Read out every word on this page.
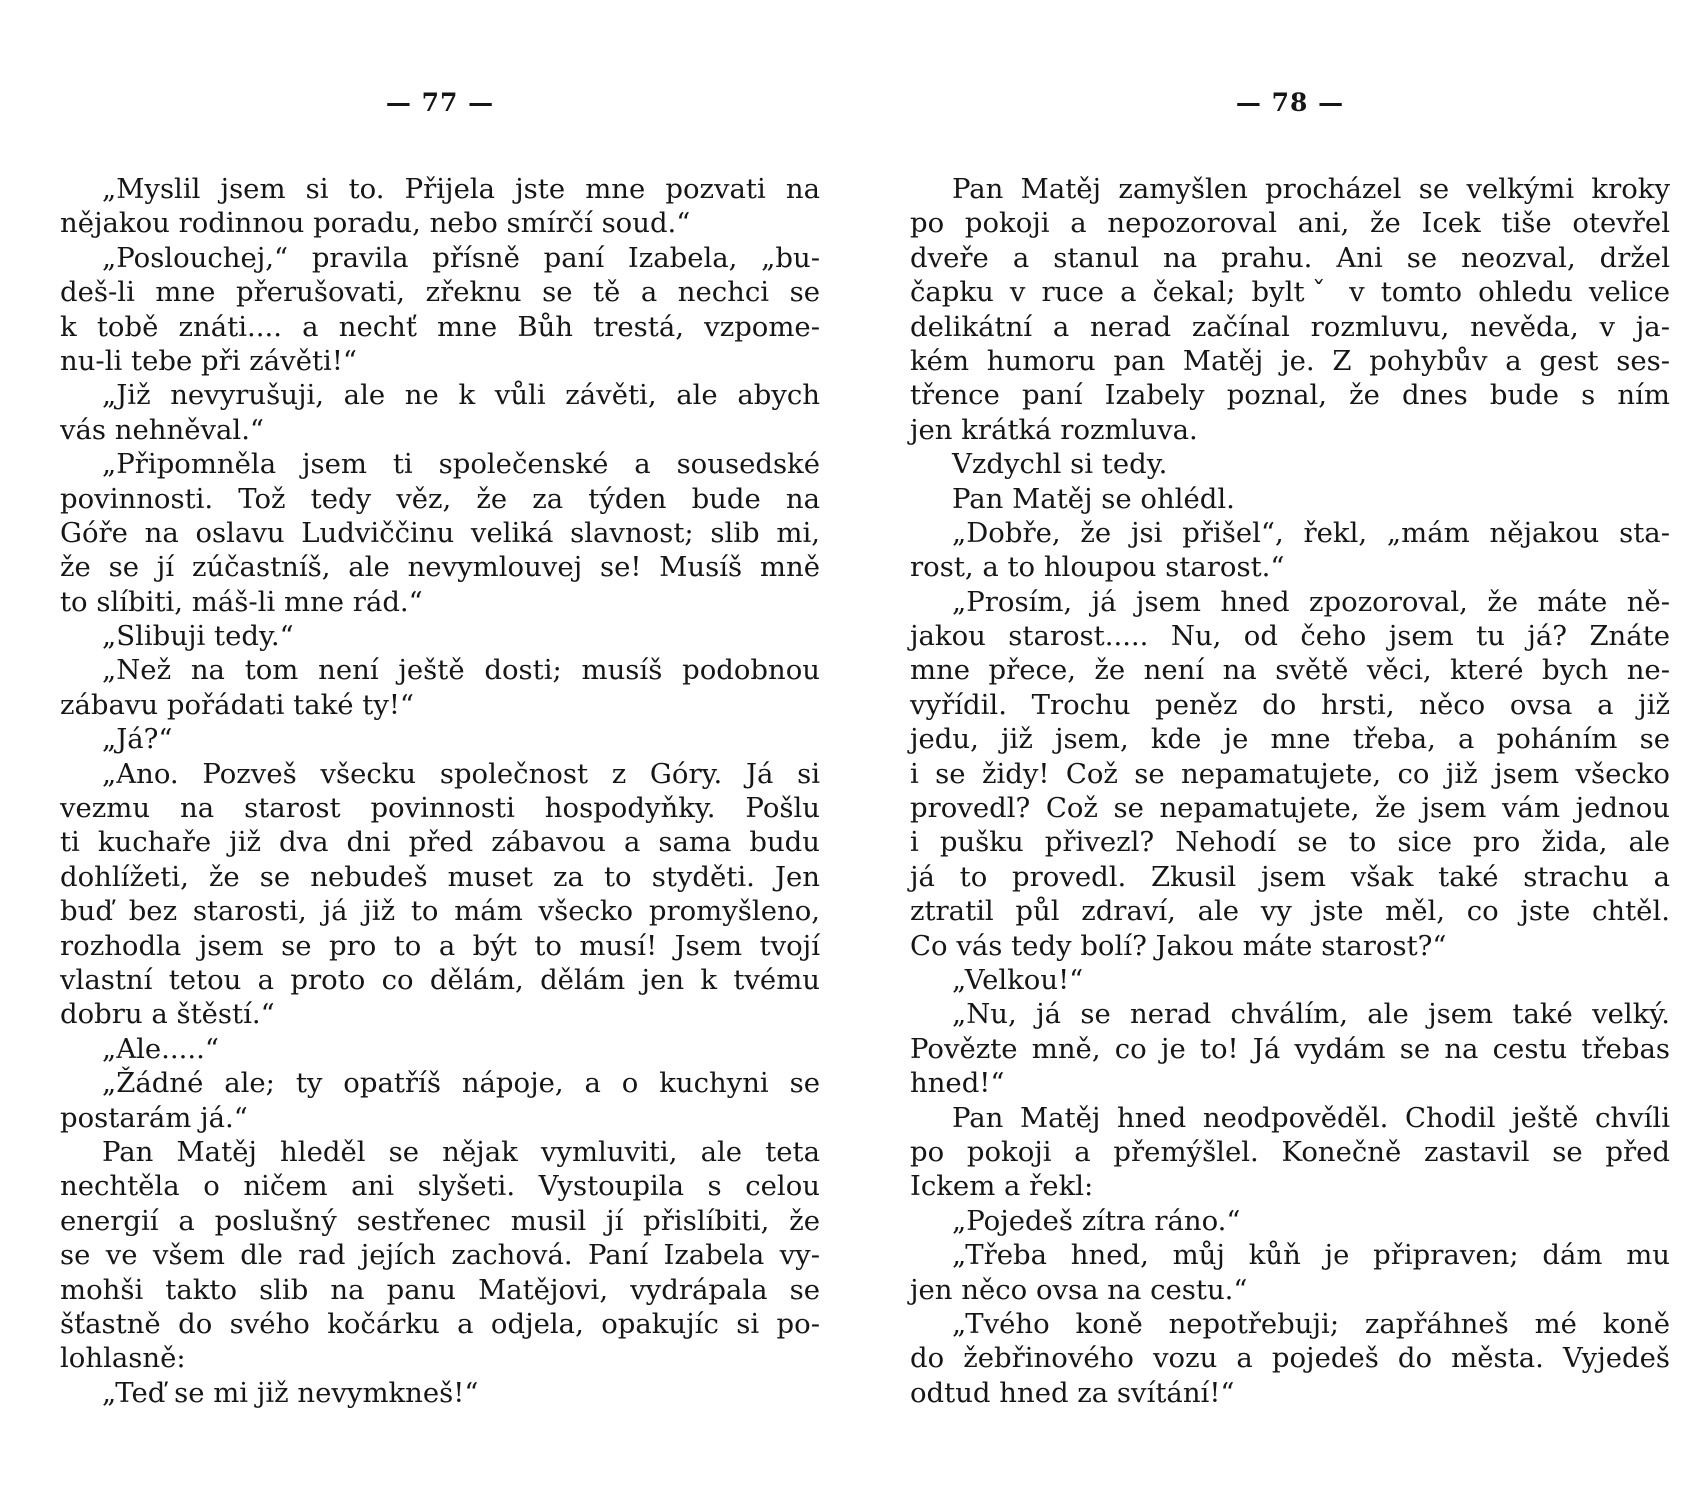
— 77 —
„Myslil jsem si to. Přijela jste mne pozvati na
nějakou rodinnou poradu, nebo smírčí soud.“
„Poslouchej,“ pravila přísně paní Izabela, „bu-
deš-li mne přerušovati, zřeknu se tě a nechci se
k tobě znáti.... a nechť mne Bůh trestá, vzpome-
nu-li tebe při závěti!“
„Již nevyrušuji, ale ne k vůli závěti, ale abych
vás nehněval.“
„Připomněla jsem ti společenské a sousedské
povinnosti. Tož tedy věz, že za týden bude na
Góře na oslavu Ludviččinu veliká slavnost; slib mi,
že se jí zúčastníš, ale nevymlouvej se! Musíš mně
to slíbiti, máš-li mne rád.“
„Slibuji tedy.“
„Než na tom není ještě dosti; musíš podobnou
zábavu pořádati také ty!“
„Já?“
„Ano. Pozveš všecku společnost z Góry. Já si
vezmu na starost povinnosti hospodyňky. Pošlu
ti kuchaře již dva dni před zábavou a sama budu
dohlížeti, že se nebudeš muset za to styděti. Jen
buď bez starosti, já již to mám všecko promyšleno,
rozhodla jsem se pro to a být to musí! Jsem tvojí
vlastní tetou a proto co dělám, dělám jen k tvému
dobru a štěstí.“
„Ale.....“
„Žádné ale; ty opatříš nápoje, a o kuchyni se
postarám já.“
Pan Matěj hleděl se nějak vymluviti, ale teta
nechtěla o ničem ani slyšeti. Vystoupila s celou
energií a poslušný sestřenec musil jí přislíbiti, že
se ve všem dle rad jejích zachová. Paní Izabela vy-
mohši takto slib na panu Matějovi, vydrápala se
šťastně do svého kočárku a odjela, opakujíc si po-
lohlasně:
„Teď se mi již nevymkneš!“
— 78 —
Pan Matěj zamyšlen procházel se velkými kroky
po pokoji a nepozoroval ani, že Icek tiše otevřel
dveře a stanul na prahu. Ani se neozval, držel
čapku v ruce a čekal; byltˇ v tomto ohledu velice
delikátní a nerad začínal rozmluvu, nevěda, v ja-
kém humoru pan Matěj je. Z pohybův a gest ses-
třence paní Izabely poznal, že dnes bude s ním
jen krátká rozmluva.
Vzdychl si tedy.
Pan Matěj se ohlédl.
„Dobře, že jsi přišel“, řekl, „mám nějakou sta-
rost, a to hloupou starost.“
„Prosím, já jsem hned zpozoroval, že máte ně-
jakou starost..... Nu, od čeho jsem tu já? Znáte
mne přece, že není na světě věci, které bych ne-
vyřídil. Trochu peněz do hrsti, něco ovsa a již
jedu, již jsem, kde je mne třeba, a poháním se
i se židy! Což se nepamatujete, co již jsem všecko
provedl? Což se nepamatujete, že jsem vám jednou
i pušku přivezl? Nehodí se to sice pro žida, ale
já to provedl. Zkusil jsem však také strachu a
ztratil půl zdraví, ale vy jste měl, co jste chtěl.
Co vás tedy bolí? Jakou máte starost?“
„Velkou!“
„Nu, já se nerad chválím, ale jsem také velký.
Povězte mně, co je to! Já vydám se na cestu třebas
hned!“
Pan Matěj hned neodpověděl. Chodil ještě chvíli
po pokoji a přemýšlel. Konečně zastavil se před
Ickem a řekl:
„Pojedeš zítra ráno.“
„Třeba hned, můj kůň je připraven; dám mu
jen něco ovsa na cestu.“
„Tvého koně nepotřebuji; zapřáhneš mé koně
do žebřinového vozu a pojedeš do města. Vyjedeš
odtud hned za svítání!“
